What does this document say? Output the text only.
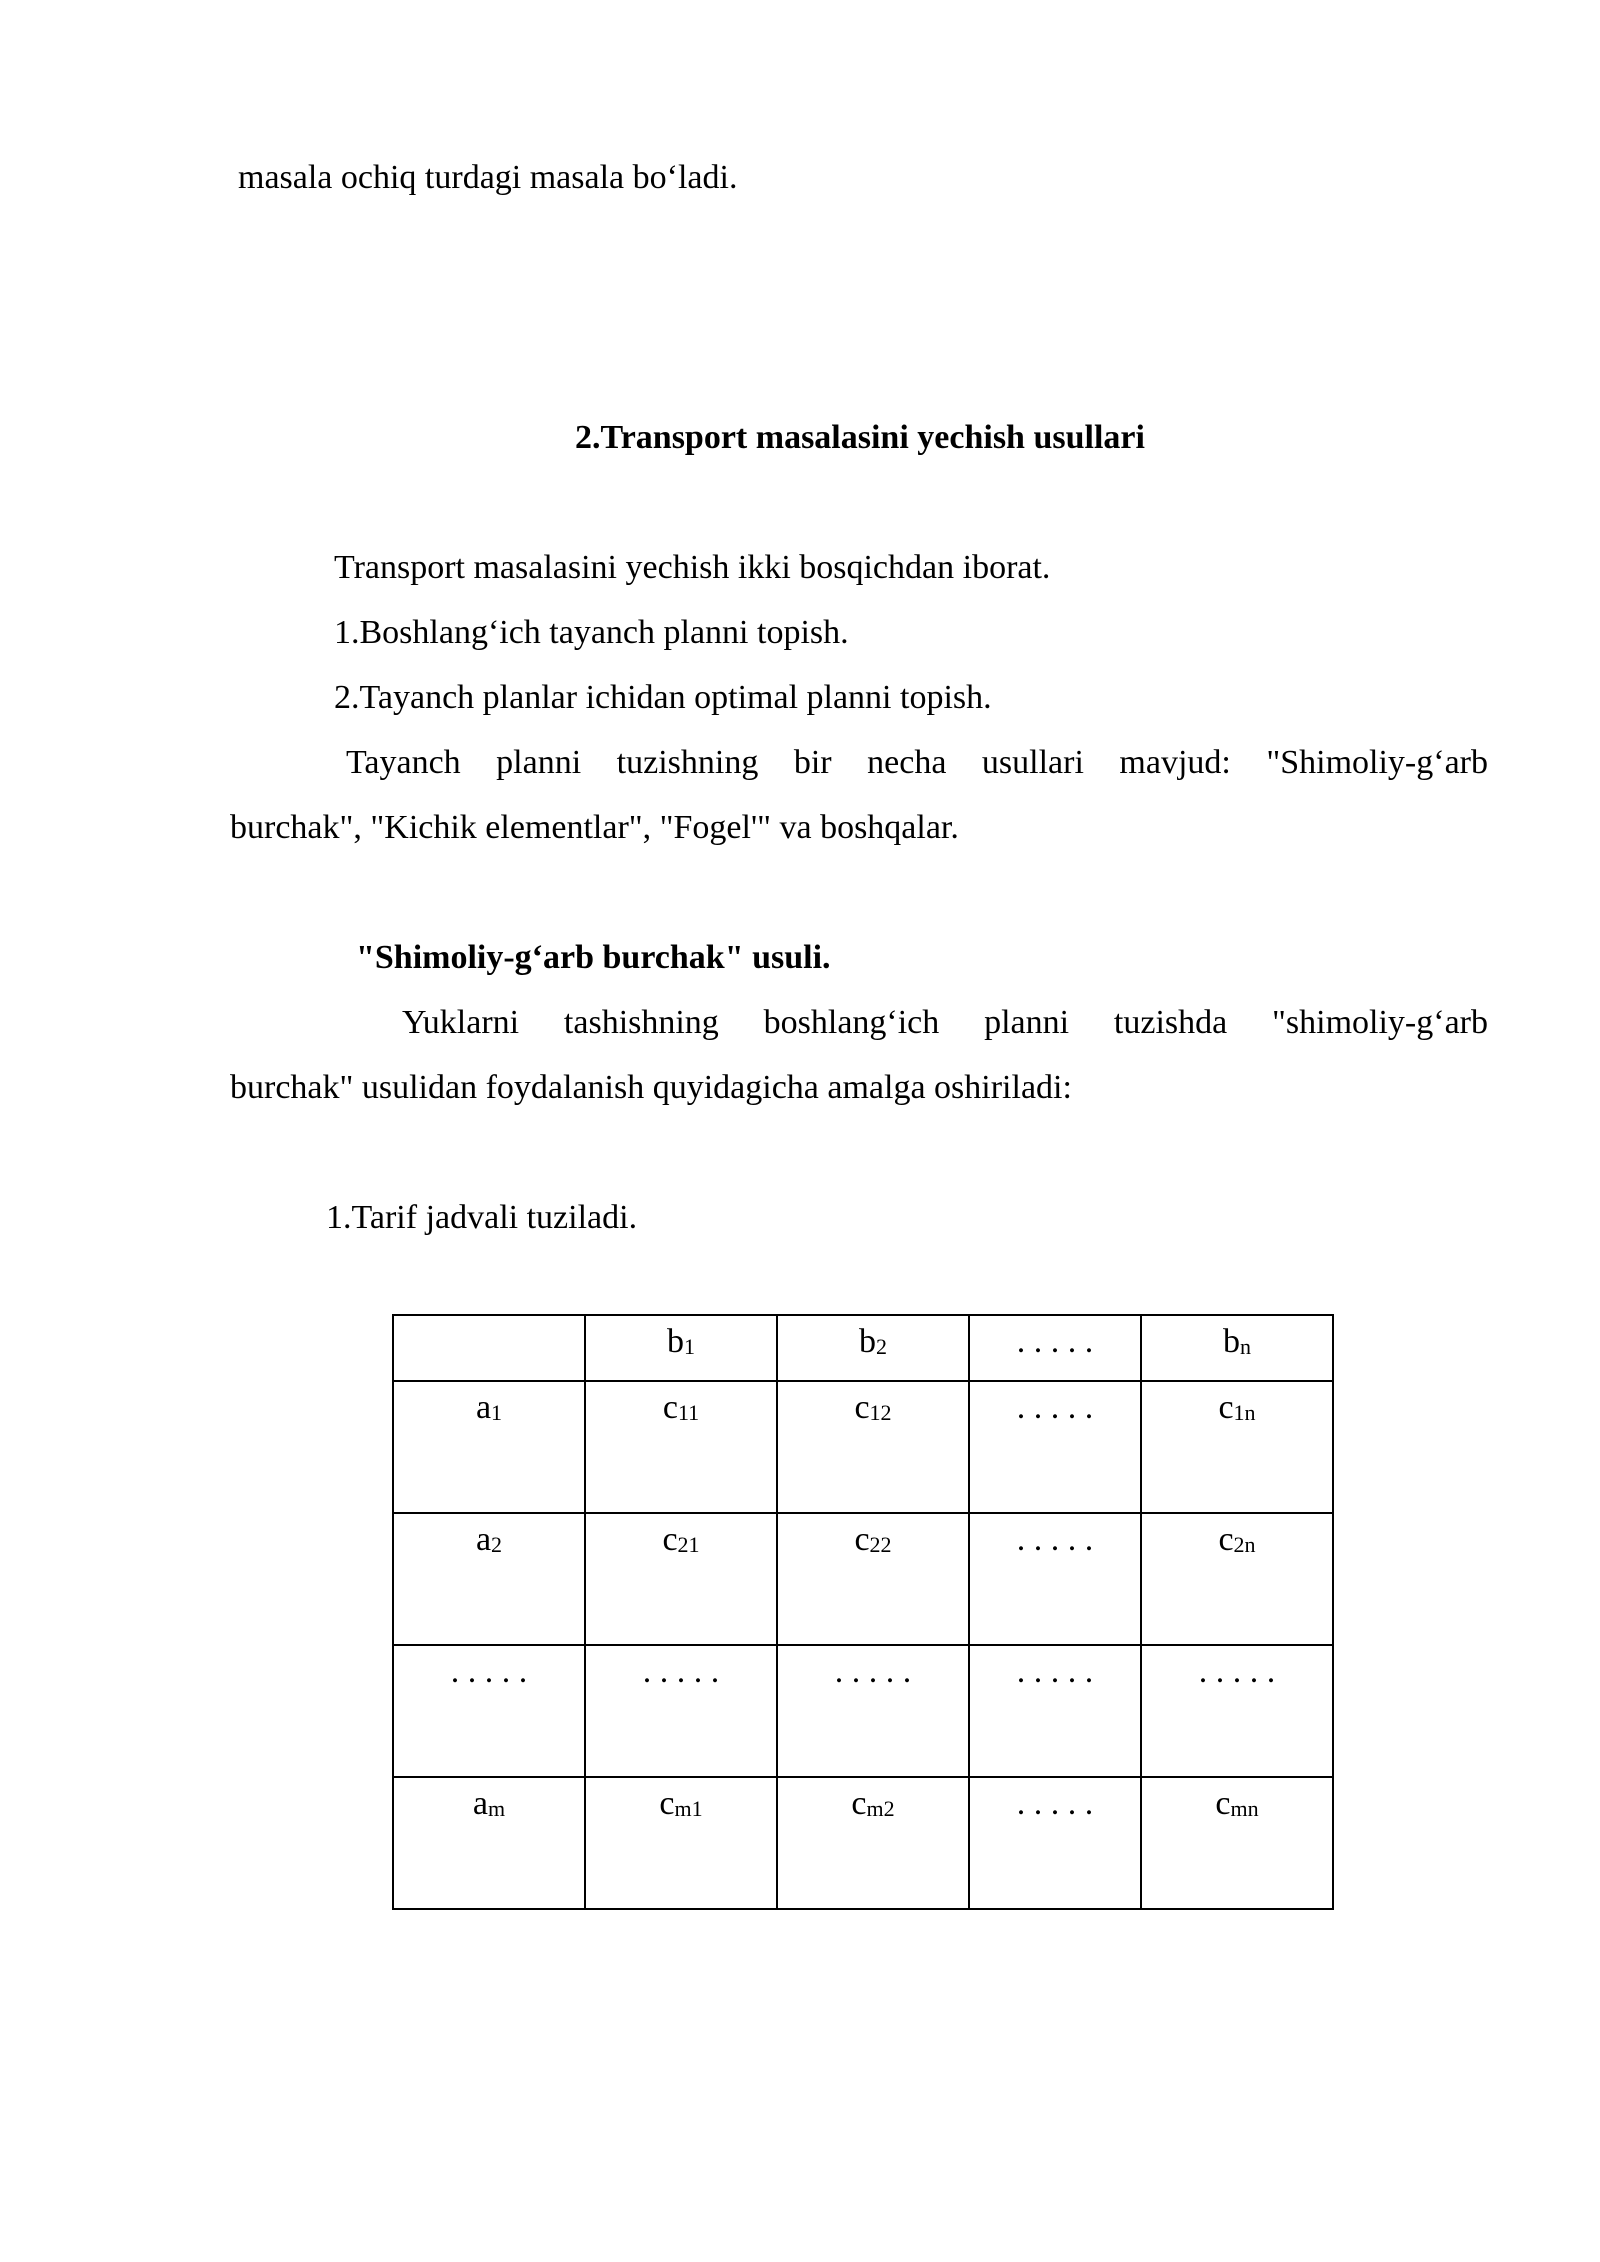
masala ochiq turdagi masala bo‘ladi.
2.Transport masalasini yechish usullari
Transport masalasini yechish ikki bosqichdan iborat.
1.Boshlang‘ich tayanch planni topish.
2.Tayanch planlar ichidan optimal planni topish.
Tayanch planni tuzishning bir necha usullari mavjud: "Shimoliy-g‘arb
burchak", "Kichik elementlar", "Fogel'" va boshqalar.
"Shimoliy-g‘arb burchak" usuli.
Yuklarni tashishning boshlang‘ich planni tuzishda "shimoliy-g‘arb
burchak" usulidan foydalanish quyidagicha amalga oshiriladi:
1.Tarif jadvali tuziladi.
	$b_1$	$b_2$	. . . . .	$b_n$
$a_1$	$c_{11}$	$c_{12}$	. . . . .	$c_{1n}$
$a_2$	$c_{21}$	$c_{22}$	. . . . .	$c_{2n}$
. . . . .	. . . . .	. . . . .	. . . . .	. . . . .
$a_m$	$c_{m1}$	$c_{m2}$	. . . . .	$c_{mn}$
